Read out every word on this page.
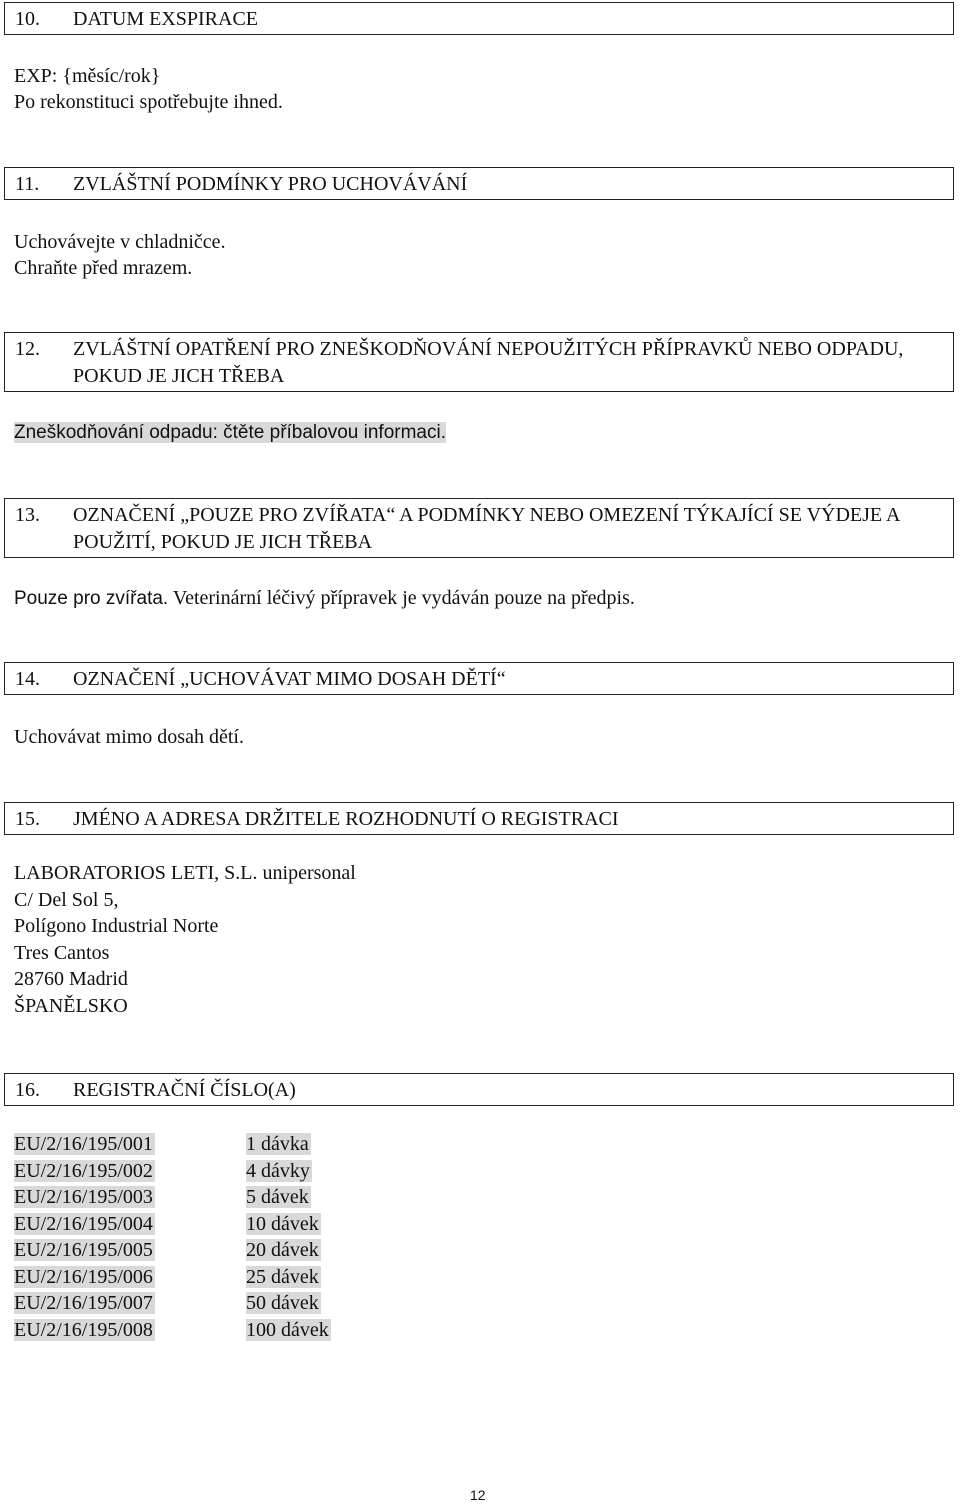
10. DATUM EXSPIRACE
EXP: {měsíc/rok}
Po rekonstituci spotřebujte ihned.
11. ZVLÁŠTNÍ PODMÍNKY PRO UCHOVÁVÁNÍ
Uchovávejte v chladničce.
Chraňte před mrazem.
12. ZVLÁŠTNÍ OPATŘENÍ PRO ZNEŠKODŇOVÁNÍ NEPOUŽITÝCH PŘÍPRAVKŮ NEBO ODPADU, POKUD JE JICH TŘEBA
Zneškodňování odpadu: čtěte příbalovou informaci.
13. OZNAČENÍ „POUZE PRO ZVÍŘATA“ A PODMÍNKY NEBO OMEZENÍ TÝKAJÍCÍ SE VÝDEJE A POUŽITÍ, POKUD JE JICH TŘEBA
Pouze pro zvířata. Veterinární léčivý přípravek je vydáván pouze na předpis.
14. OZNAČENÍ „UCHOVÁVAT MIMO DOSAH DĚTÍ“
Uchovávat mimo dosah dětí.
15. JMÉNO A ADRESA DRŽITELE ROZHODNUTÍ O REGISTRACI
LABORATORIOS LETI, S.L. unipersonal
C/ Del Sol 5,
Polígono Industrial Norte
Tres Cantos
28760 Madrid
ŠPANĚLSKO
16. REGISTRAČNÍ ČÍSLO(A)
EU/2/16/195/001	1 dávka
EU/2/16/195/002	4 dávky
EU/2/16/195/003	5 dávek
EU/2/16/195/004	10 dávek
EU/2/16/195/005	20 dávek
EU/2/16/195/006	25 dávek
EU/2/16/195/007	50 dávek
EU/2/16/195/008	100 dávek
12
